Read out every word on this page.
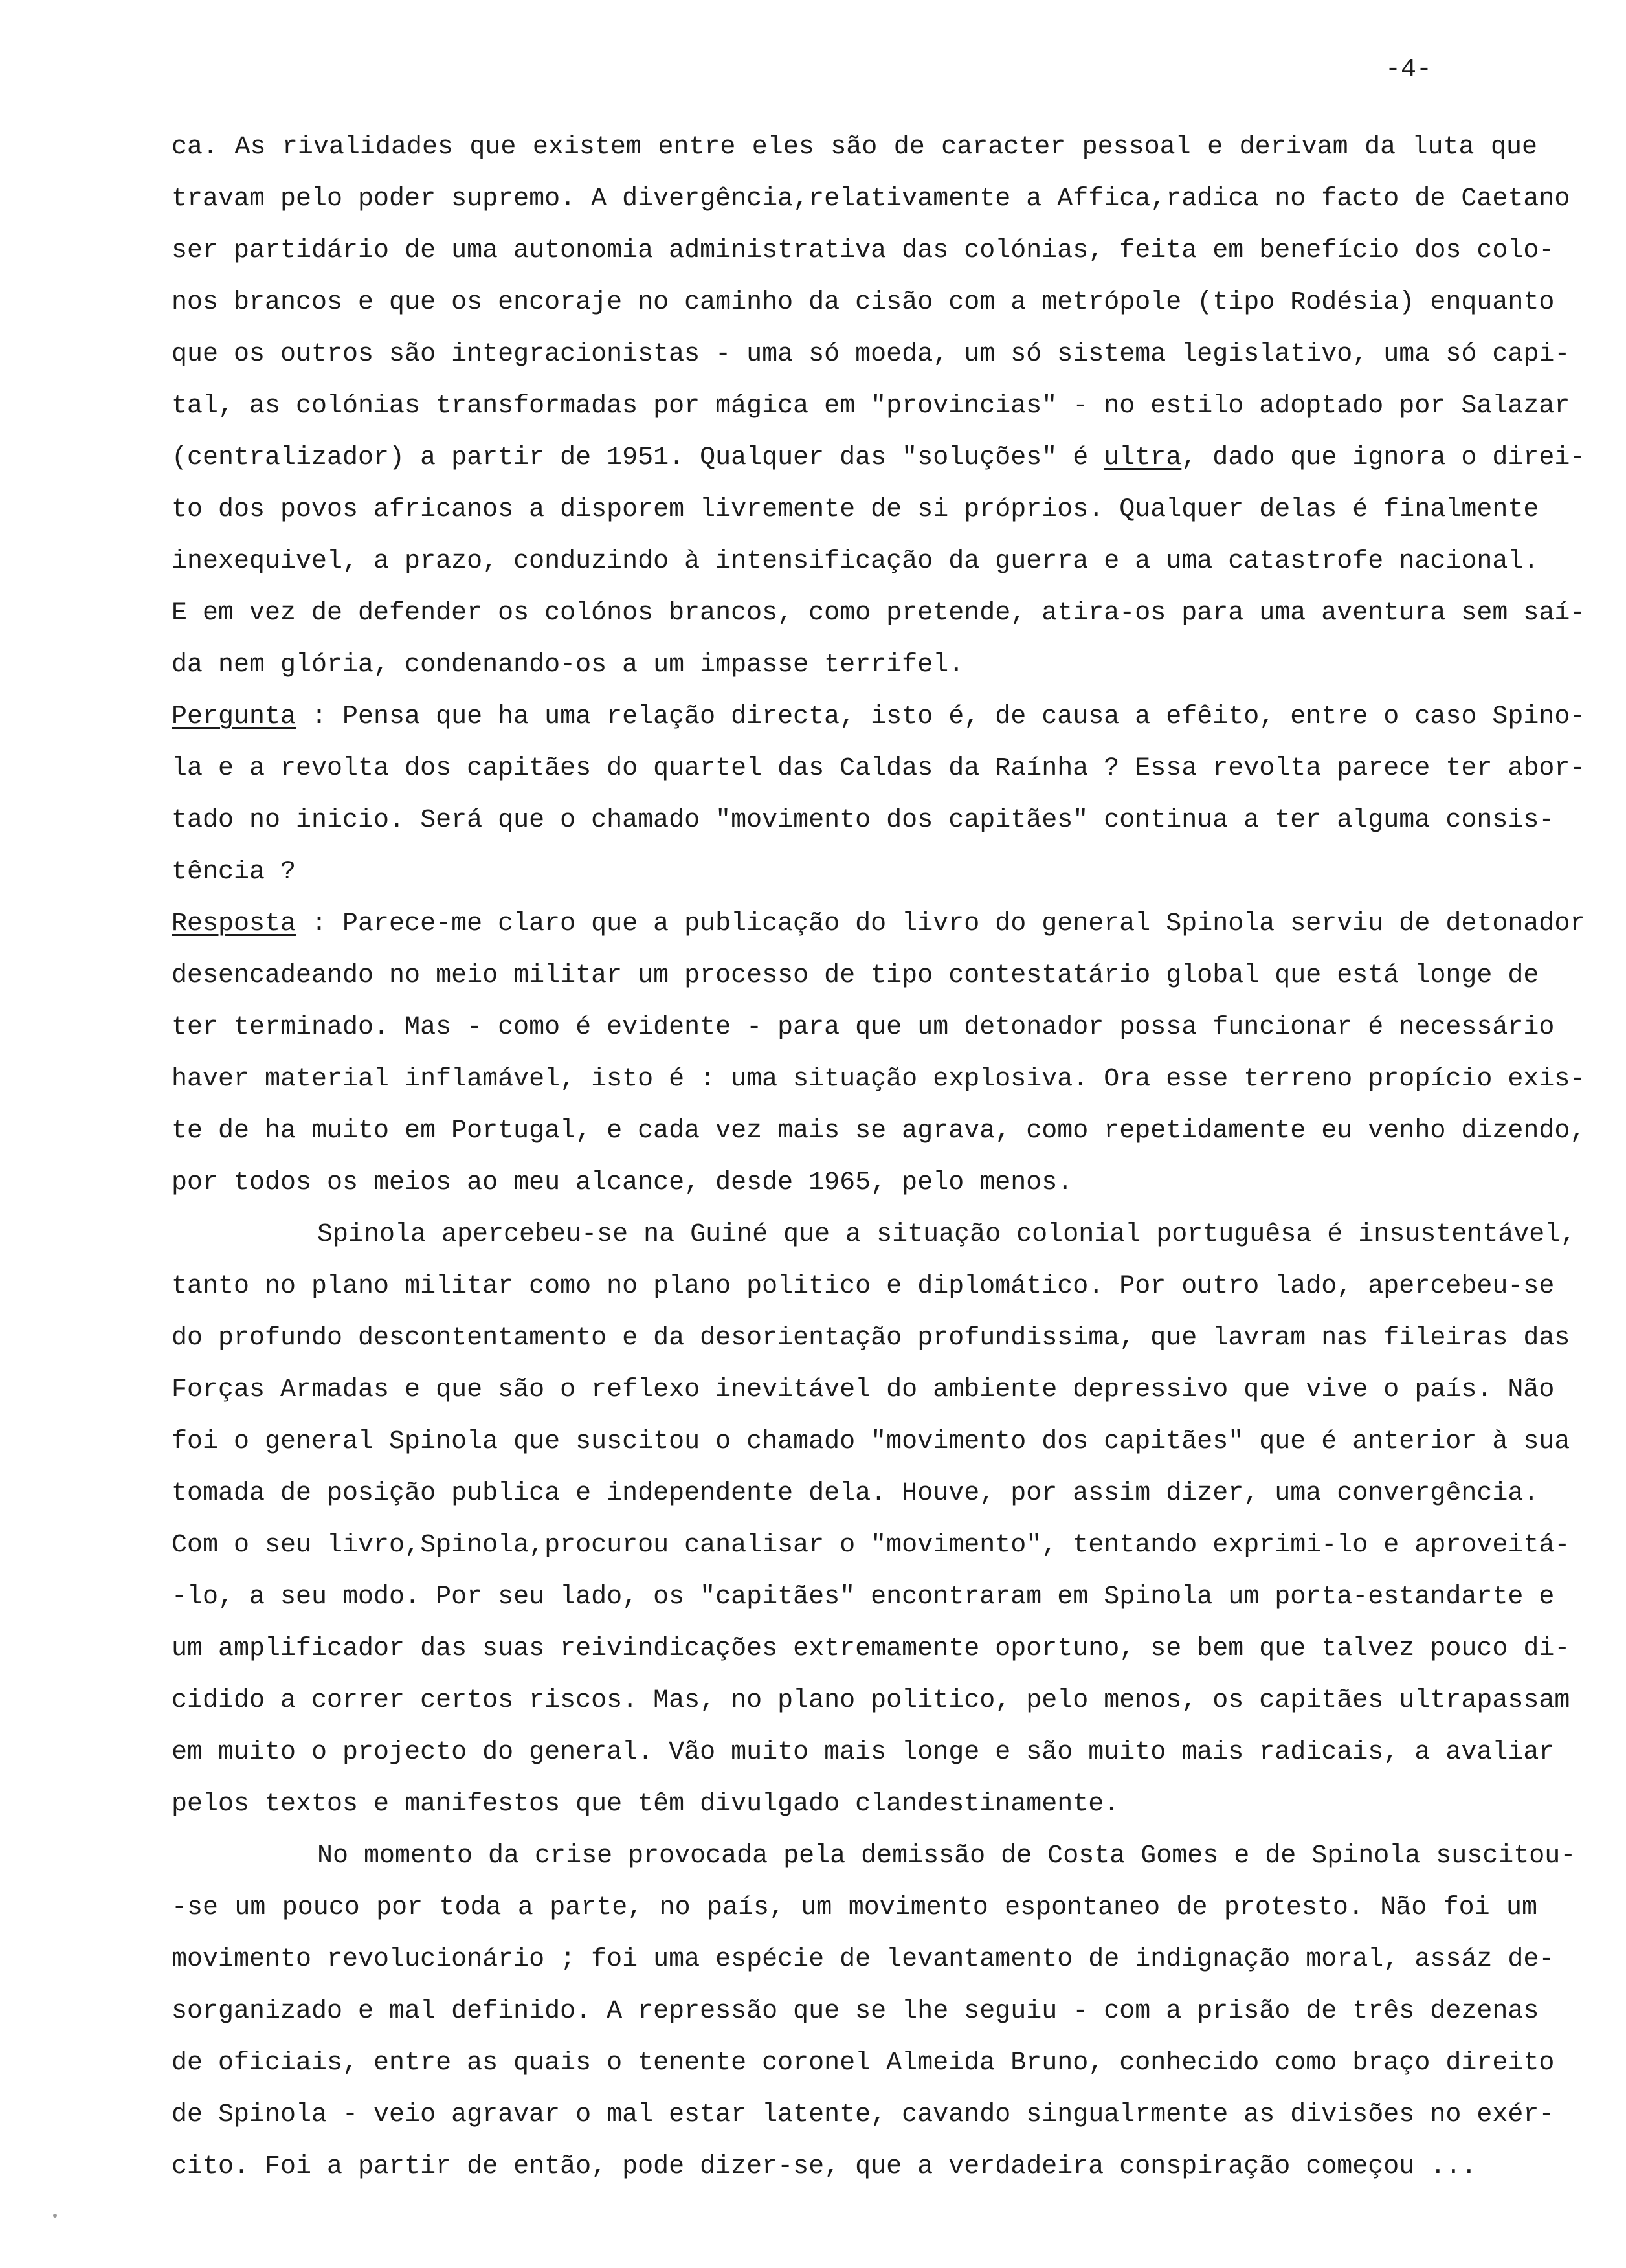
-4-
ca. As rivalidades que existem entre eles são de caracter pessoal e derivam da luta que
travam pelo poder supremo. A divergência,relativamente a Affica,radica no facto de Caetano
ser partidário de uma autonomia administrativa das colónias, feita em benefício dos colo-
nos brancos e que os encoraje no caminho da cisão com a metrópole (tipo Rodésia) enquanto
que os outros são integracionistas - uma só moeda, um só sistema legislativo, uma só capi-
tal, as colónias transformadas por mágica em "provincias" - no estilo adoptado por Salazar
(centralizador) a partir de 1951. Qualquer das "soluções" é ultra, dado que ignora o direi-
to dos povos africanos a disporem livremente de si próprios. Qualquer delas é finalmente
inexequivel, a prazo, conduzindo à intensificação da guerra e a uma catastrofe nacional.
E em vez de defender os colónos brancos, como pretende, atira-os para uma aventura sem saí-
da nem glória, condenando-os a um impasse terrifel.
Pergunta : Pensa que ha uma relação directa, isto é, de causa a efêito, entre o caso Spino-
la e a revolta dos capitães do quartel das Caldas da Raínha ? Essa revolta parece ter abor-
tado no inicio. Será que o chamado "movimento dos capitães" continua a ter alguma consis-
tência ?
Resposta : Parece-me claro que a publicação do livro do general Spinola serviu de detonador
desencadeando no meio militar um processo de tipo contestatário global que está longe de
ter terminado. Mas - como é evidente - para que um detonador possa funcionar é necessário
haver material inflamável, isto é : uma situação explosiva. Ora esse terreno propício exis-
te de ha muito em Portugal, e cada vez mais se agrava, como repetidamente eu venho dizendo,
por todos os meios ao meu alcance, desde 1965, pelo menos.
Spinola apercebeu-se na Guiné que a situação colonial portuguêsa é insustentável,
tanto no plano militar como no plano politico e diplomático. Por outro lado, apercebeu-se
do profundo descontentamento e da desorientação profundissima, que lavram nas fileiras das
Forças Armadas e que são o reflexo inevitável do ambiente depressivo que vive o país. Não
foi o general Spinola que suscitou o chamado "movimento dos capitães" que é anterior à sua
tomada de posição publica e independente dela. Houve, por assim dizer, uma convergência.
Com o seu livro,Spinola,procurou canalisar o "movimento", tentando exprimi-lo e aproveitá-
-lo, a seu modo. Por seu lado, os "capitães" encontraram em Spinola um porta-estandarte e
um amplificador das suas reivindicações extremamente oportuno, se bem que talvez pouco di-
cidido a correr certos riscos. Mas, no plano politico, pelo menos, os capitães ultrapassam
em muito o projecto do general. Vão muito mais longe e são muito mais radicais, a avaliar
pelos textos e manifestos que têm divulgado clandestinamente.
No momento da crise provocada pela demissão de Costa Gomes e de Spinola suscitou-
-se um pouco por toda a parte, no país, um movimento espontaneo de protesto. Não foi um
movimento revolucionário ; foi uma espécie de levantamento de indignação moral, assáz de-
sorganizado e mal definido. A repressão que se lhe seguiu - com a prisão de três dezenas
de oficiais, entre as quais o tenente coronel Almeida Bruno, conhecido como braço direito
de Spinola - veio agravar o mal estar latente, cavando singualrmente as divisões no exér-
cito. Foi a partir de então, pode dizer-se, que a verdadeira conspiração começou ...
